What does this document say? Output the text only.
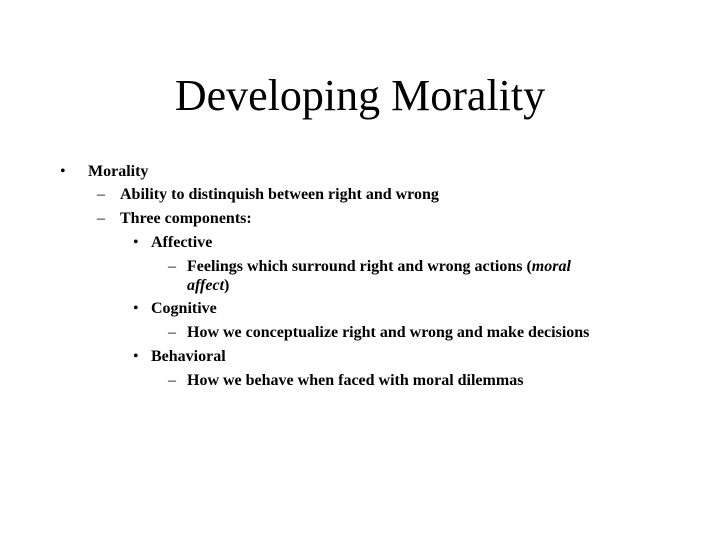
Developing Morality
• Morality
– Ability to distinquish between right and wrong
– Three components:
• Affective
– Feelings which surround right and wrong actions (moral
affect)
• Cognitive
– How we conceptualize right and wrong and make decisions
• Behavioral
– How we behave when faced with moral dilemmas
